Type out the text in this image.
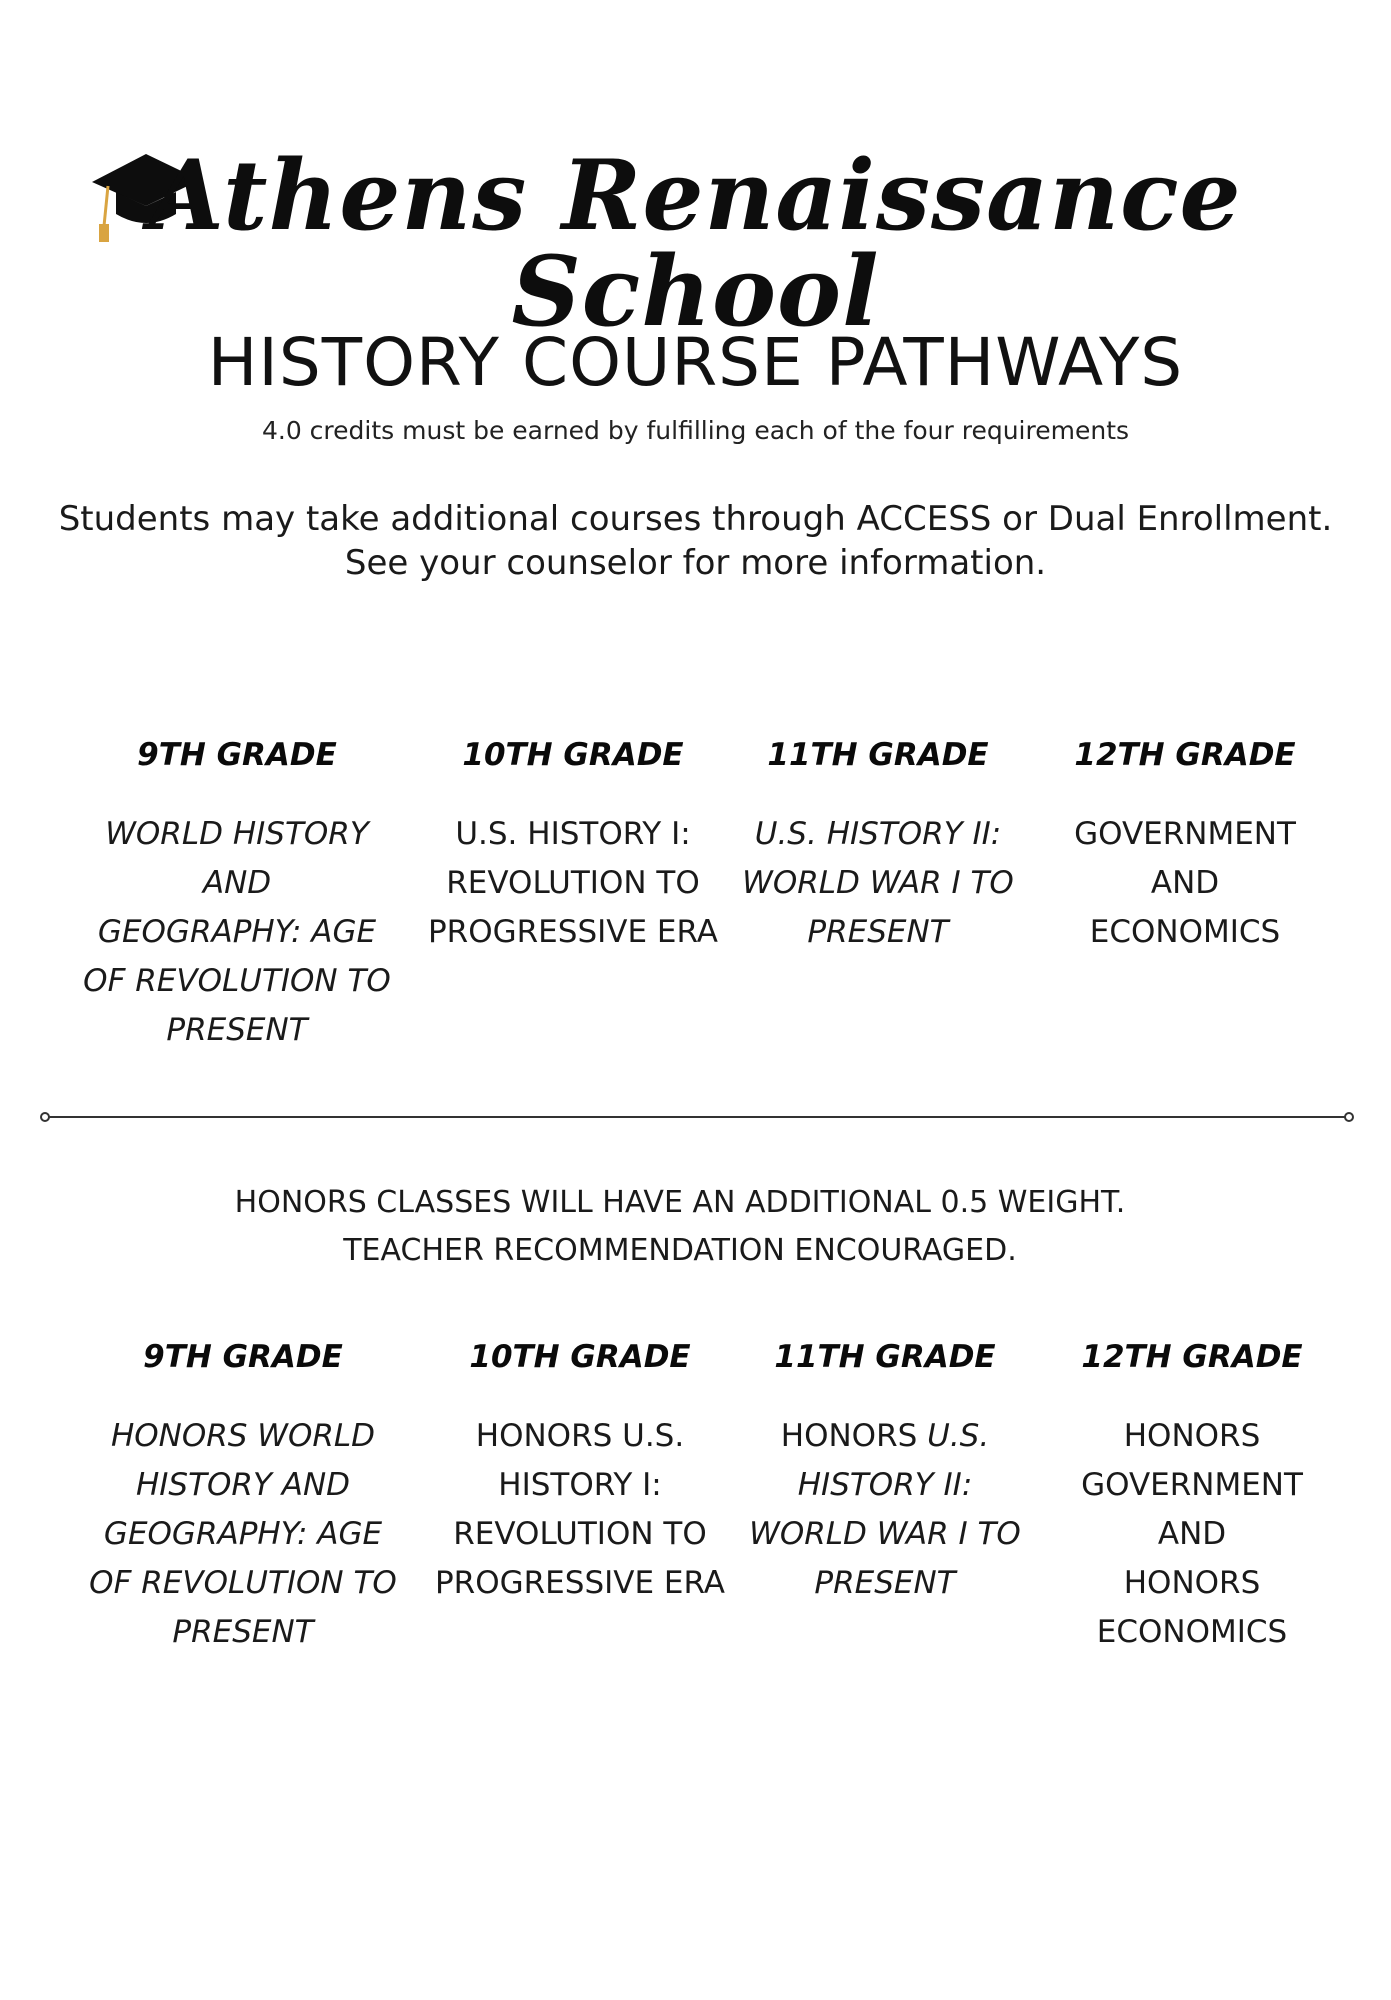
Athens Renaissance School
HISTORY COURSE PATHWAYS
4.0 credits must be earned by fulfilling each of the four requirements
Students may take additional courses through ACCESS or Dual Enrollment.
See your counselor for more information.
9TH GRADE
WORLD HISTORY AND
GEOGRAPHY: AGE
OF REVOLUTION TO
PRESENT
10TH GRADE
U.S. HISTORY I:
REVOLUTION TO
PROGRESSIVE ERA
11TH GRADE
U.S. HISTORY II:
WORLD WAR I TO
PRESENT
12TH GRADE
GOVERNMENT
AND
ECONOMICS
HONORS CLASSES WILL HAVE AN ADDITIONAL 0.5 WEIGHT.
TEACHER RECOMMENDATION ENCOURAGED.
9TH GRADE
HONORS WORLD
HISTORY AND
GEOGRAPHY: AGE
OF REVOLUTION TO
PRESENT
10TH GRADE
HONORS U.S.
HISTORY I:
REVOLUTION TO
PROGRESSIVE ERA
11TH GRADE
HONORS U.S.
HISTORY II:
WORLD WAR I TO
PRESENT
12TH GRADE
HONORS
GOVERNMENT
AND
HONORS
ECONOMICS
